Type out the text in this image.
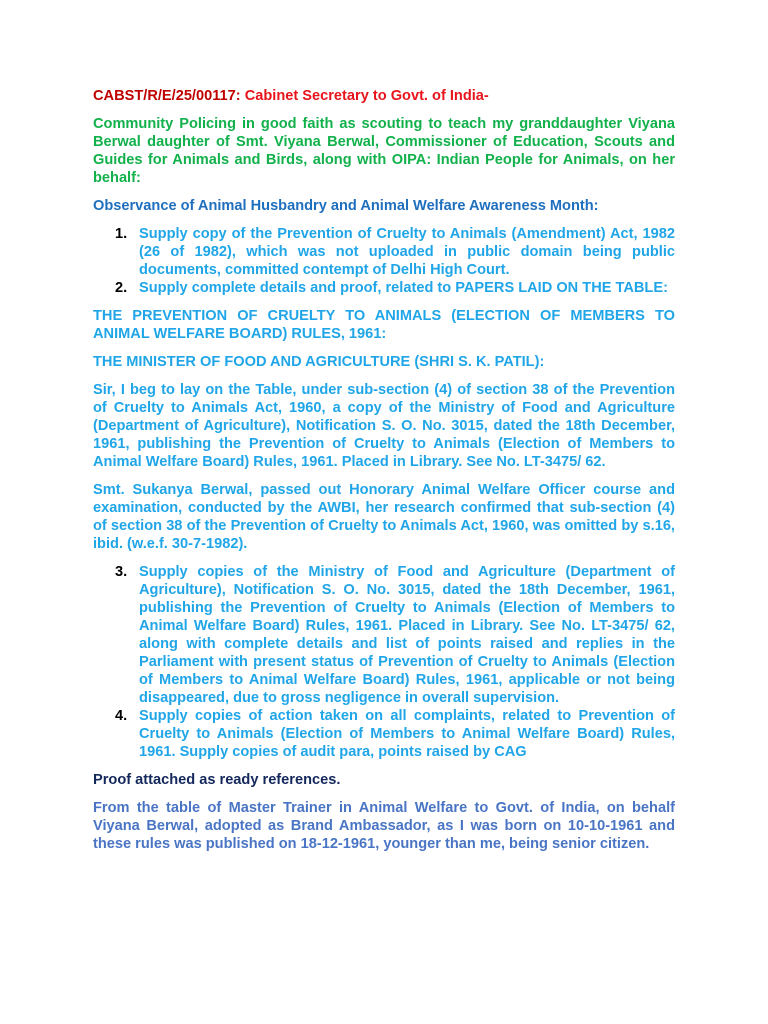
CABST/R/E/25/00117: Cabinet Secretary to Govt. of India-

Community Policing in good faith as scouting to teach my granddaughter Viyana Berwal daughter of Smt. Viyana Berwal, Commissioner of Education, Scouts and Guides for Animals and Birds, along with OIPA: Indian People for Animals, on her behalf:

Observance of Animal Husbandry and Animal Welfare Awareness Month:

1. Supply copy of the Prevention of Cruelty to Animals (Amendment) Act, 1982 (26 of 1982), which was not uploaded in public domain being public documents, committed contempt of Delhi High Court.
2. Supply complete details and proof, related to PAPERS LAID ON THE TABLE:

THE PREVENTION OF CRUELTY TO ANIMALS (ELECTION OF MEMBERS TO ANIMAL WELFARE BOARD) RULES, 1961:

THE MINISTER OF FOOD AND AGRICULTURE (SHRI S. K. PATIL):

Sir, I beg to lay on the Table, under sub-section (4) of section 38 of the Prevention of Cruelty to Animals Act, 1960, a copy of the Ministry of Food and Agriculture (Department of Agriculture), Notification S. O. No. 3015, dated the 18th December, 1961, publishing the Prevention of Cruelty to Animals (Election of Members to Animal Welfare Board) Rules, 1961. Placed in Library. See No. LT-3475/ 62.

Smt. Sukanya Berwal, passed out Honorary Animal Welfare Officer course and examination, conducted by the AWBI, her research confirmed that sub-section (4) of section 38 of the Prevention of Cruelty to Animals Act, 1960, was omitted by s.16, ibid. (w.e.f. 30-7-1982).

3. Supply copies of the Ministry of Food and Agriculture (Department of Agriculture), Notification S. O. No. 3015, dated the 18th December, 1961, publishing the Prevention of Cruelty to Animals (Election of Members to Animal Welfare Board) Rules, 1961. Placed in Library. See No. LT-3475/ 62, along with complete details and list of points raised and replies in the Parliament with present status of Prevention of Cruelty to Animals (Election of Members to Animal Welfare Board) Rules, 1961, applicable or not being disappeared, due to gross negligence in overall supervision.
4. Supply copies of action taken on all complaints, related to Prevention of Cruelty to Animals (Election of Members to Animal Welfare Board) Rules, 1961. Supply copies of audit para, points raised by CAG

Proof attached as ready references.

From the table of Master Trainer in Animal Welfare to Govt. of India, on behalf Viyana Berwal, adopted as Brand Ambassador, as I was born on 10-10-1961 and these rules was published on 18-12-1961, younger than me, being senior citizen.
